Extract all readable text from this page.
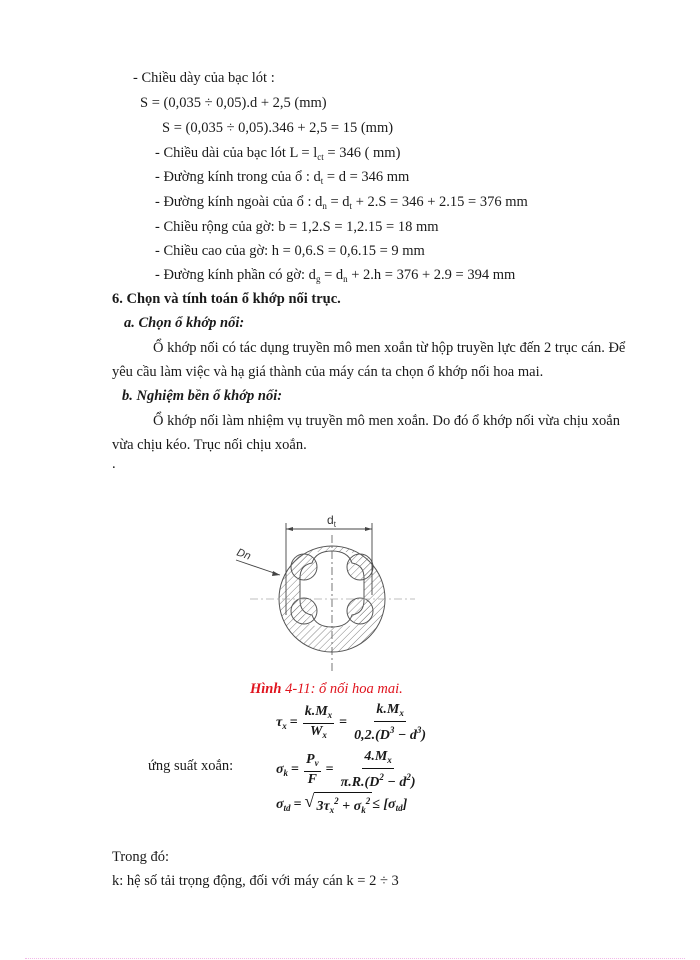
- Chiều dày của bạc lót :
S = (0,035 ÷ 0,05).d + 2,5 (mm)
S = (0,035 ÷ 0,05).346 + 2,5 = 15 (mm)
- Chiều dài của bạc lót $L = l_{ct} = 346$ ( mm)
- Đường kính trong của ổ : $d_t = d = 346$ mm
- Đường kính ngoài của ổ : $d_n = d_t + 2.S = 346 + 2.15 = 376$ mm
- Chiều rộng của gờ: b = 1,2.S = 1,2.15 = 18 mm
- Chiều cao của gờ: h = 0,6.S = 0,6.15 = 9 mm
- Đường kính phần có gờ: $d_g = d_n + 2.h = 376 + 2.9 = 394$ mm
6. Chọn và tính toán ổ khớp nối trục.
a. Chọn ổ khớp nối:
Ổ khớp nối có tác dụng truyền mô men xoắn từ hộp truyền lực đến 2 trục cán. Để
yêu cầu làm việc và hạ giá thành của máy cán ta chọn ổ khớp nối hoa mai.
b. Nghiệm bền ổ khớp nối:
Ổ khớp nối làm nhiệm vụ truyền mô men xoắn. Do đó ổ khớp nối vừa chịu xoắn
vừa chịu kéo. Trục nối chịu xoắn.
.
$d_t$
Dn
Hình 4-11: ổ nối hoa mai.
$\tau_x = \frac{k.M_x}{W_x} = \frac{k.M_x}{0,2.(D^3 - d^3)}$
ứng suất xoắn:	$\sigma_k = \frac{P_v}{F} = \frac{4.M_x}{\pi.R.(D^2 - d^2)}$
$\sigma_{td}$ = √ $3\tau_x^2 + \sigma_k^2 \le [\sigma_{td}]$
Trong đó:
k: hệ số tải trọng động, đối với máy cán k = 2 ÷ 3
